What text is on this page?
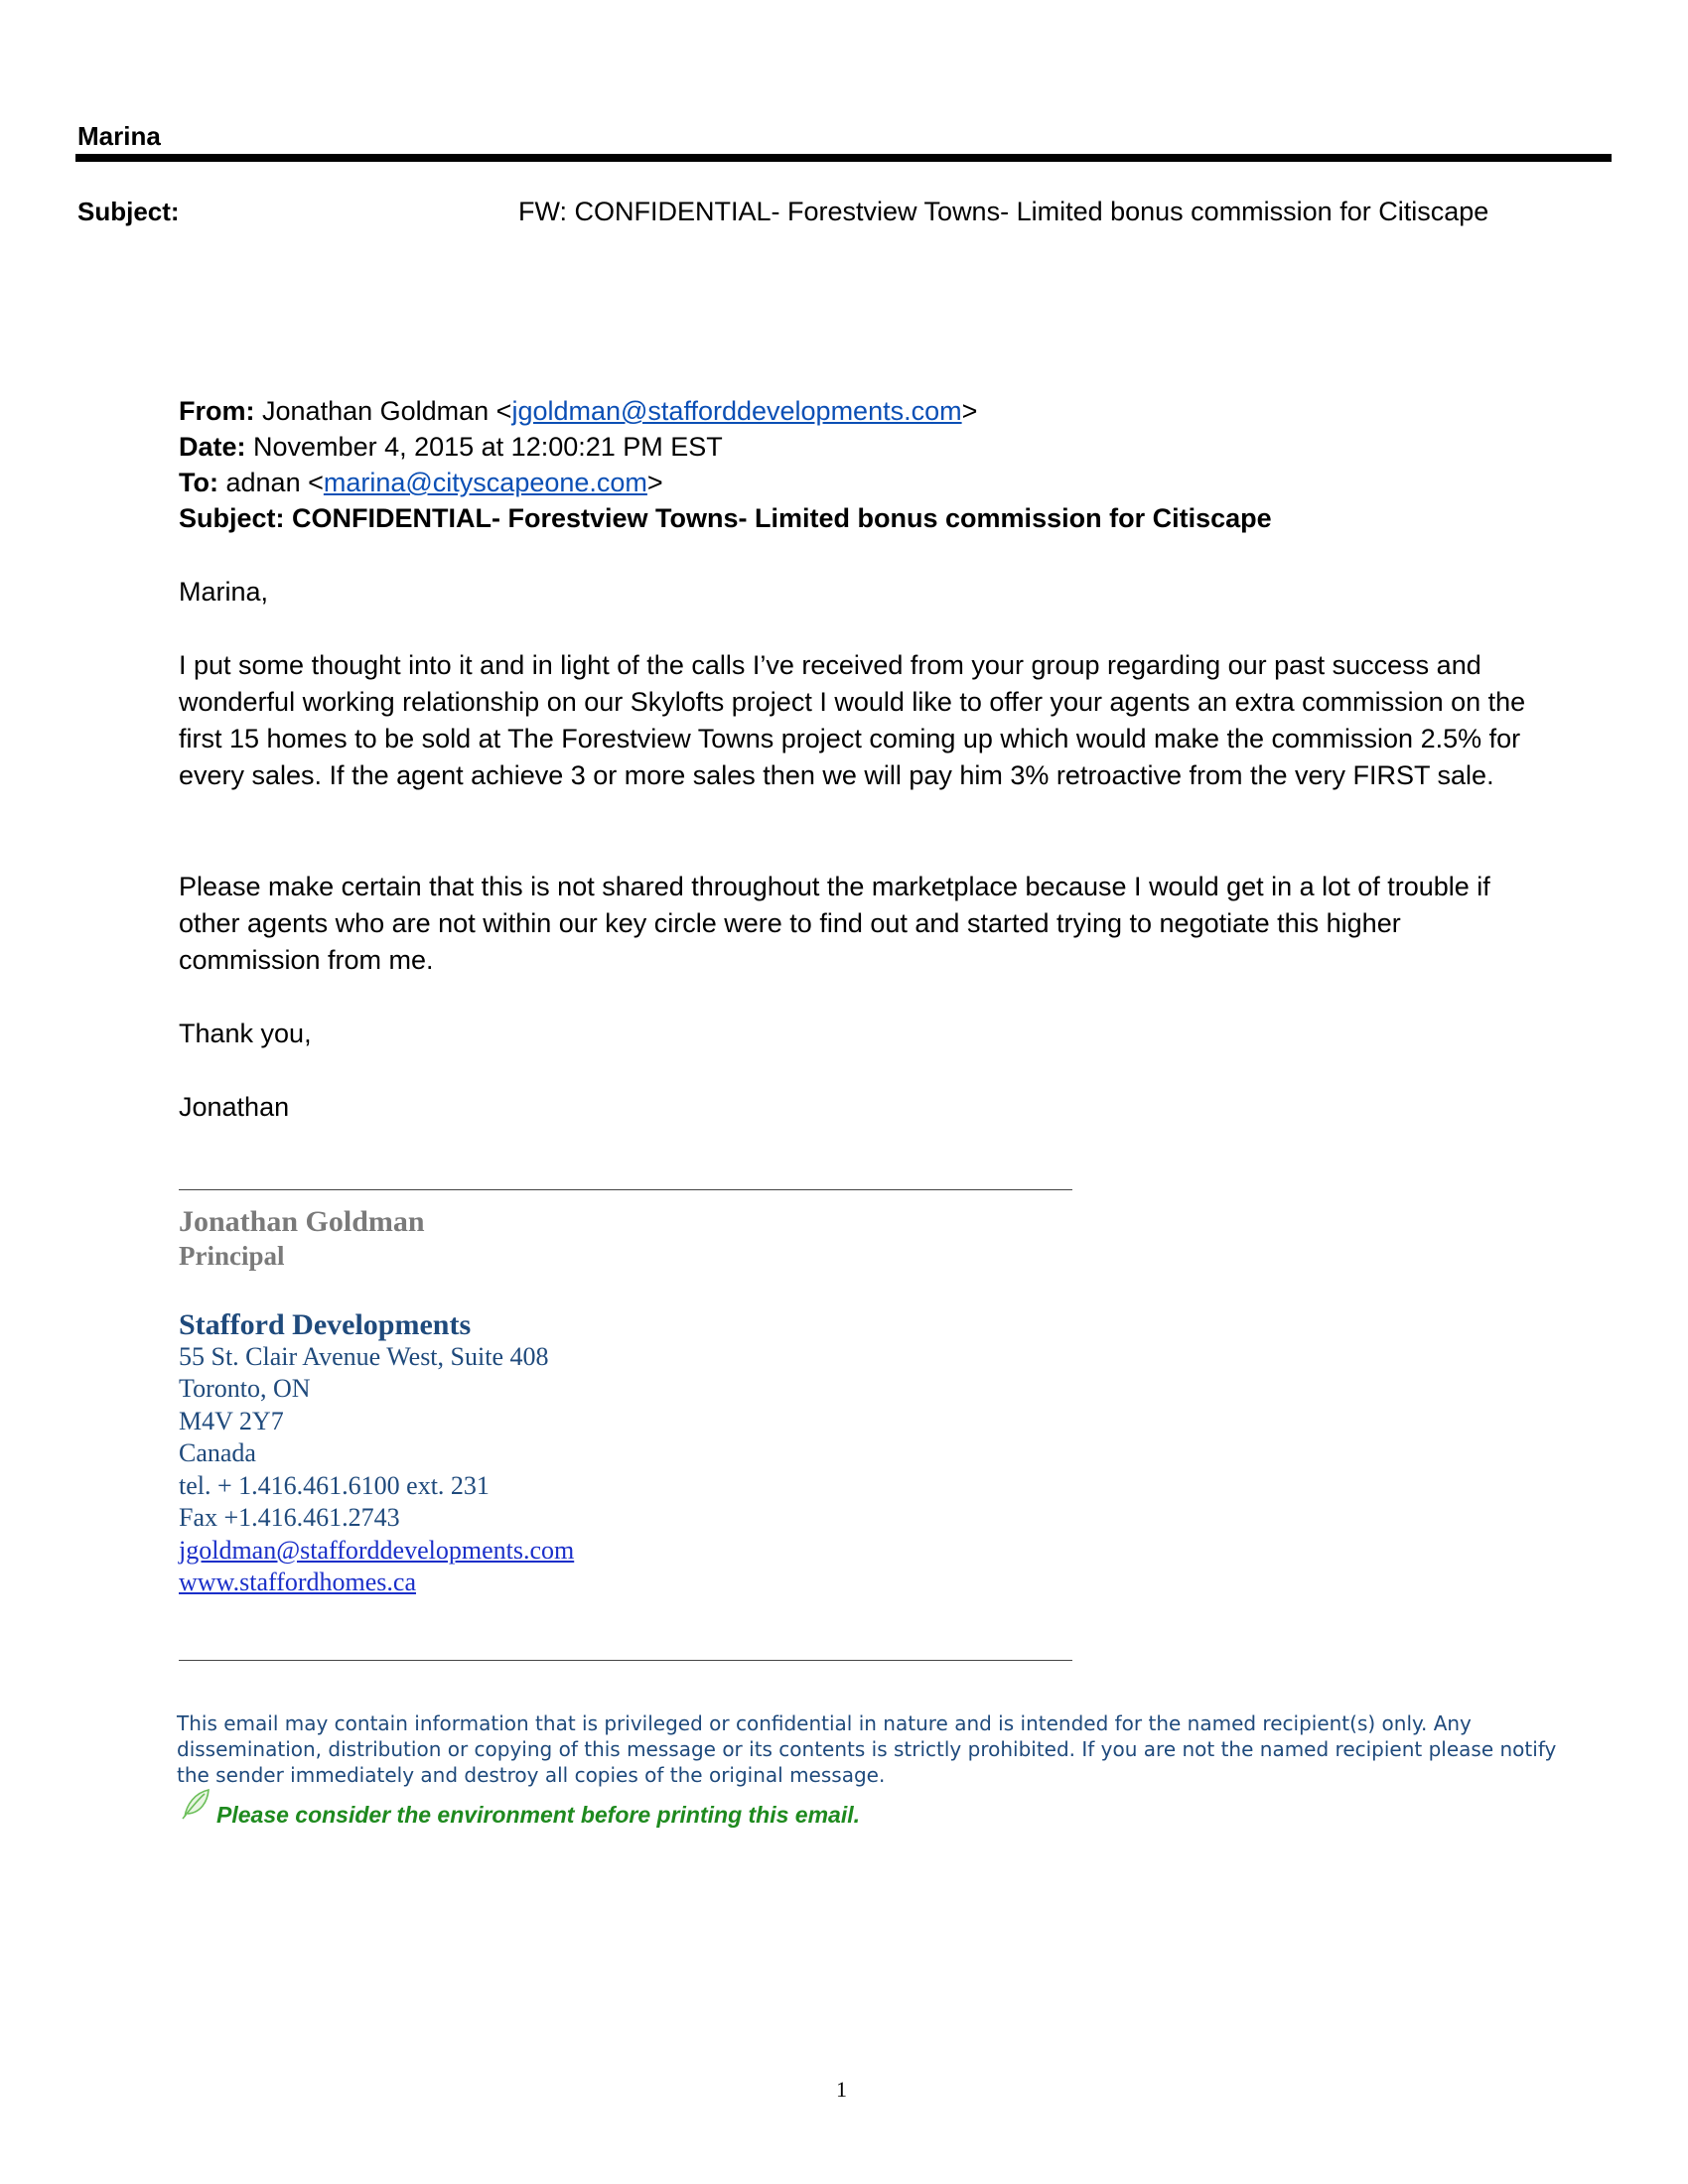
Marina
Subject:	FW: CONFIDENTIAL- Forestview Towns- Limited bonus commission for Citiscape
From: Jonathan Goldman <jgoldman@stafforddevelopments.com>
Date: November 4, 2015 at 12:00:21 PM EST
To: adnan <marina@cityscapeone.com>
Subject: CONFIDENTIAL- Forestview Towns- Limited bonus commission for Citiscape
Marina,

I put some thought into it and in light of the calls I’ve received from your group regarding our past success and wonderful working relationship on our Skylofts project I would like to offer your agents an extra commission on the first 15 homes to be sold at The Forestview Towns project coming up which would make the commission 2.5% for every sales. If the agent achieve 3 or more sales then we will pay him 3% retroactive from the very FIRST sale.

Please make certain that this is not shared throughout the marketplace because I would get in a lot of trouble if other agents who are not within our key circle were to find out and started trying to negotiate this higher commission from me.

Thank you,
Jonathan
Jonathan Goldman
Principal
Stafford Developments
55 St. Clair Avenue West, Suite 408
Toronto, ON
M4V 2Y7
Canada
tel. + 1.416.461.6100 ext. 231
Fax +1.416.461.2743
jgoldman@stafforddevelopments.com
www.staffordhomes.ca
This email may contain information that is privileged or confidential in nature and is intended for the named recipient(s) only. Any dissemination, distribution or copying of this message or its contents is strictly prohibited. If you are not the named recipient please notify the sender immediately and destroy all copies of the original message.
Please consider the environment before printing this email.
1
